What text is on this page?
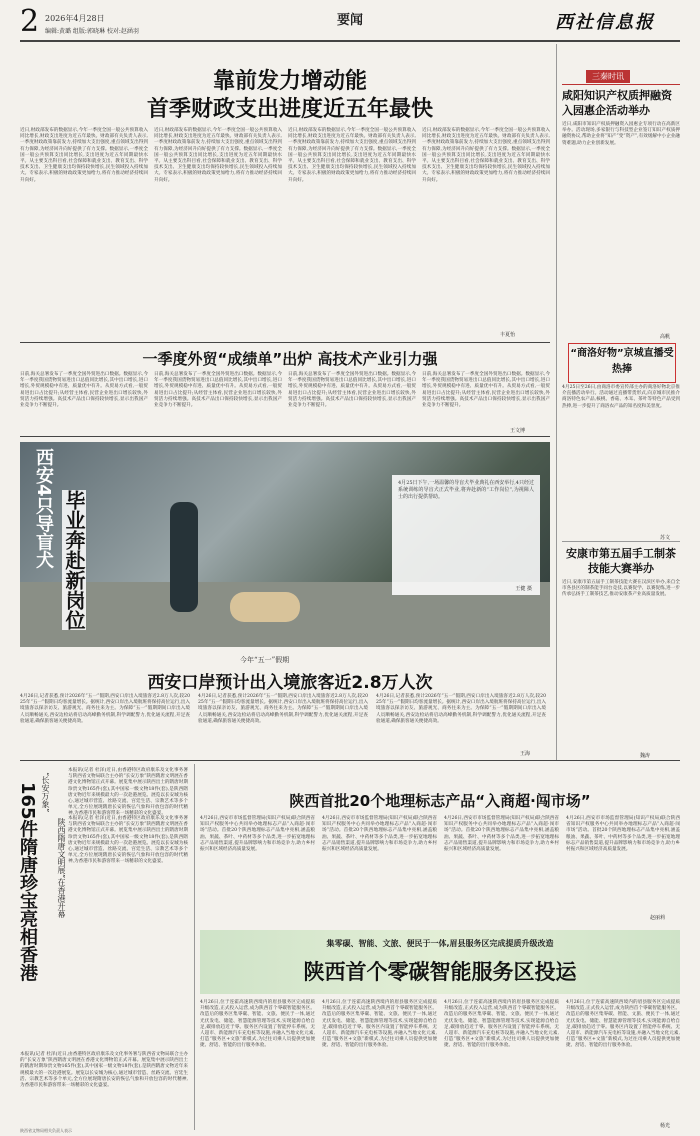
2 2026年4月28日	要闻
编辑:黄璐 组版:郭晓琳 校对:赵涵羽	西社信息报
靠前发力增动能
首季财政支出进度近五年最快
近日,财政部发布的数据显示,今年一季度全国一般公共预算收入同比增长,财政支出进度为近五年最快。财政部有关负责人表示,一季度财政政策靠前发力,持续加大支出强度,重点领域支出得到有力保障,为经济回升向好提供了有力支撑。数据显示,一季度全国一般公共预算支出同比增长,支出进度为近五年同期最快水平。从主要支出科目看,社会保障和就业支出、教育支出、科学技术支出、卫生健康支出均保持较快增长,民生领域投入持续加大。专家表示,积极的财政政策更加给力,将有力推动经济持续回升向好。
近日,财政部发布的数据显示,今年一季度全国一般公共预算收入同比增长,财政支出进度为近五年最快。财政部有关负责人表示,一季度财政政策靠前发力,持续加大支出强度,重点领域支出得到有力保障,为经济回升向好提供了有力支撑。数据显示,一季度全国一般公共预算支出同比增长,支出进度为近五年同期最快水平。从主要支出科目看,社会保障和就业支出、教育支出、科学技术支出、卫生健康支出均保持较快增长,民生领域投入持续加大。专家表示,积极的财政政策更加给力,将有力推动经济持续回升向好。
近日,财政部发布的数据显示,今年一季度全国一般公共预算收入同比增长,财政支出进度为近五年最快。财政部有关负责人表示,一季度财政政策靠前发力,持续加大支出强度,重点领域支出得到有力保障,为经济回升向好提供了有力支撑。数据显示,一季度全国一般公共预算支出同比增长,支出进度为近五年同期最快水平。从主要支出科目看,社会保障和就业支出、教育支出、科学技术支出、卫生健康支出均保持较快增长,民生领域投入持续加大。专家表示,积极的财政政策更加给力,将有力推动经济持续回升向好。
近日,财政部发布的数据显示,今年一季度全国一般公共预算收入同比增长,财政支出进度为近五年最快。财政部有关负责人表示,一季度财政政策靠前发力,持续加大支出强度,重点领域支出得到有力保障,为经济回升向好提供了有力支撑。数据显示,一季度全国一般公共预算支出同比增长,支出进度为近五年同期最快水平。从主要支出科目看,社会保障和就业支出、教育支出、科学技术支出、卫生健康支出均保持较快增长,民生领域投入持续加大。专家表示,积极的财政政策更加给力,将有力推动经济持续回升向好。
丰夏怡
一季度外贸“成绩单”出炉 高技术产业引力强
日前,海关总署发布了一季度全国外贸进出口数据。数据显示,今年一季度我国货物贸易进出口总值同比增长,其中出口增长,进口增长,外贸规模稳中有进、质量优中有升。从贸易方式看,一般贸易进出口占比提升;从经营主体看,民营企业进出口增长较快,外贸活力持续增强。高技术产品出口保持较快增长,显示出我国产业竞争力不断提升。
日前,海关总署发布了一季度全国外贸进出口数据。数据显示,今年一季度我国货物贸易进出口总值同比增长,其中出口增长,进口增长,外贸规模稳中有进、质量优中有升。从贸易方式看,一般贸易进出口占比提升;从经营主体看,民营企业进出口增长较快,外贸活力持续增强。高技术产品出口保持较快增长,显示出我国产业竞争力不断提升。
日前,海关总署发布了一季度全国外贸进出口数据。数据显示,今年一季度我国货物贸易进出口总值同比增长,其中出口增长,进口增长,外贸规模稳中有进、质量优中有升。从贸易方式看,一般贸易进出口占比提升;从经营主体看,民营企业进出口增长较快,外贸活力持续增强。高技术产品出口保持较快增长,显示出我国产业竞争力不断提升。
日前,海关总署发布了一季度全国外贸进出口数据。数据显示,今年一季度我国货物贸易进出口总值同比增长,其中出口增长,进口增长,外贸规模稳中有进、质量优中有升。从贸易方式看,一般贸易进出口占比提升;从经营主体看,民营企业进出口增长较快,外贸活力持续增强。高技术产品出口保持较快增长,显示出我国产业竞争力不断提升。
王文博
西安4只导盲犬 毕业奔赴新岗位
4月25日下午,一场温馨的导盲犬毕业典礼在西安举行,4只经过系统训练的导盲犬正式毕业,将奔赴新的“工作岗位”,为视障人士的出行提供帮助。
王健 摄
今年“五一”假期
西安口岸预计出入境旅客近2.8万人次
4月26日,记者获悉,预计2026年“五一”假期,西安口岸出入境旅客近2.8万人次,较2025年“五一”假期日均客流量增长。据统计,西安口岸出入境航班将保持高位运行,出入境旅客以探亲访友、旅游观光、商务往来为主。为保障“五一”假期期间口岸出入境人员顺畅通关,西安边检站将启动高峰勤务机制,科学调配警力,优化通关流程,开足查验通道,确保旅客通关便捷高效。
4月26日,记者获悉,预计2026年“五一”假期,西安口岸出入境旅客近2.8万人次,较2025年“五一”假期日均客流量增长。据统计,西安口岸出入境航班将保持高位运行,出入境旅客以探亲访友、旅游观光、商务往来为主。为保障“五一”假期期间口岸出入境人员顺畅通关,西安边检站将启动高峰勤务机制,科学调配警力,优化通关流程,开足查验通道,确保旅客通关便捷高效。
4月26日,记者获悉,预计2026年“五一”假期,西安口岸出入境旅客近2.8万人次,较2025年“五一”假期日均客流量增长。据统计,西安口岸出入境航班将保持高位运行,出入境旅客以探亲访友、旅游观光、商务往来为主。为保障“五一”假期期间口岸出入境人员顺畅通关,西安边检站将启动高峰勤务机制,科学调配警力,优化通关流程,开足查验通道,确保旅客通关便捷高效。
王海
三秦时讯
咸阳知识产权质押融资入园惠企活动举办
近日,咸阳市知识产权质押融资入园惠企专项行动在高新区举办。活动现场,多家银行与科技型企业签订知识产权质押融资协议,帮助企业将“知产”变“资产”,有效缓解中小企业融资难题,助力企业创新发展。
高帆
“商洛好物”京城直播受热捧
4月25日至26日,由商洛市委宣传部主办的商洛好物北京推介直播活动举行。活动通过直播带货形式,向京城市民推介商洛特色农产品,核桃、香菇、木耳、茶叶等特色产品受到热捧,进一步提升了商洛农产品的知名度和美誉度。
苏文
安康市第五届手工制茶技能大赛举办
近日,安康市第五届手工制茶技能大赛在汉滨区举办,来自全市各县区的制茶能手同台竞技,以赛促学、以赛促练,进一步传承弘扬手工制茶技艺,推动安康茶产业高质量发展。
魏涛
本报讯(记者 杜泽)近日,由香港特区政府康乐及文化事务署与陕西省文物局联合主办的“长安万象”陕西隋唐文明展在香港文化博物馆正式开幕。展览集中展示陕西出土的隋唐时期珍贵文物165件(套),其中国家一级文物18件(套),是陕西隋唐文物近年来规模最大的一次赴港展览。展览以长安城为核心,通过城市营造、丝路交流、宫廷生活、宗教艺术等多个单元,全方位展现隋唐长安的恢弘气象和开放包容的时代精神,为香港市民和游客带来一场精彩的文化盛宴。
“长安万象”
陕西隋唐文明展”在香港开幕
165件隋唐珍宝亮相香港	本报讯(记者 杜泽)近日,由香港特区政府康乐及文化事务署与陕西省文物局联合主办的“长安万象”陕西隋唐文明展在香港文化博物馆正式开幕。展览集中展示陕西出土的隋唐时期珍贵文物165件(套),其中国家一级文物18件(套),是陕西隋唐文物近年来规模最大的一次赴港展览。展览以长安城为核心,通过城市营造、丝路交流、宫廷生活、宗教艺术等多个单元,全方位展现隋唐长安的恢弘气象和开放包容的时代精神,为香港市民和游客带来一场精彩的文化盛宴。
本报讯(记者 杜泽)近日,由香港特区政府康乐及文化事务署与陕西省文物局联合主办的“长安万象”陕西隋唐文明展在香港文化博物馆正式开幕。展览集中展示陕西出土的隋唐时期珍贵文物165件(套),其中国家一级文物18件(套),是陕西隋唐文物近年来规模最大的一次赴港展览。展览以长安城为核心,通过城市营造、丝路交流、宫廷生活、宗教艺术等多个单元,全方位展现隋唐长安的恢弘气象和开放包容的时代精神,为香港市民和游客带来一场精彩的文化盛宴。
陕西省文物局相关负责人表示
陕西首批20个地理标志产品“入商超·闯市场”
4月26日,西安市市场监督管理局(知识产权局)联合陕西省知识产权服务中心共同举办地理标志产品“入商超·闯市场”活动。首批20个陕西地理标志产品集中亮相,涵盖粮油、果蔬、茶叶、中药材等多个品类,进一步拓宽地理标志产品销售渠道,提升品牌影响力和市场竞争力,助力乡村振兴和区域经济高质量发展。
4月26日,西安市市场监督管理局(知识产权局)联合陕西省知识产权服务中心共同举办地理标志产品“入商超·闯市场”活动。首批20个陕西地理标志产品集中亮相,涵盖粮油、果蔬、茶叶、中药材等多个品类,进一步拓宽地理标志产品销售渠道,提升品牌影响力和市场竞争力,助力乡村振兴和区域经济高质量发展。
4月26日,西安市市场监督管理局(知识产权局)联合陕西省知识产权服务中心共同举办地理标志产品“入商超·闯市场”活动。首批20个陕西地理标志产品集中亮相,涵盖粮油、果蔬、茶叶、中药材等多个品类,进一步拓宽地理标志产品销售渠道,提升品牌影响力和市场竞争力,助力乡村振兴和区域经济高质量发展。
4月26日,西安市市场监督管理局(知识产权局)联合陕西省知识产权服务中心共同举办地理标志产品“入商超·闯市场”活动。首批20个陕西地理标志产品集中亮相,涵盖粮油、果蔬、茶叶、中药材等多个品类,进一步拓宽地理标志产品销售渠道,提升品牌影响力和市场竞争力,助力乡村振兴和区域经济高质量发展。
赵丽莉
集零碳、智能、文旅、便民于一体,眉县服务区完成提质升级改造
陕西首个零碳智能服务区投运
4月26日,位于连霍高速陕西境内的眉县服务区完成提质升级改造,正式投入运营,成为陕西首个零碳智能服务区。改造后的服务区集零碳、智能、文旅、便民于一体,通过光伏发电、储能、智慧能源管理等技术,实现能源自给自足,碳排放趋近于零。服务区内设置了智能停车系统、无人超市、新能源汽车充电桩等设施,并融入当地文化元素,打造“服务区+文旅”新模式,为过往司乘人员提供更加便捷、舒适、智能的出行服务体验。
4月26日,位于连霍高速陕西境内的眉县服务区完成提质升级改造,正式投入运营,成为陕西首个零碳智能服务区。改造后的服务区集零碳、智能、文旅、便民于一体,通过光伏发电、储能、智慧能源管理等技术,实现能源自给自足,碳排放趋近于零。服务区内设置了智能停车系统、无人超市、新能源汽车充电桩等设施,并融入当地文化元素,打造“服务区+文旅”新模式,为过往司乘人员提供更加便捷、舒适、智能的出行服务体验。
4月26日,位于连霍高速陕西境内的眉县服务区完成提质升级改造,正式投入运营,成为陕西首个零碳智能服务区。改造后的服务区集零碳、智能、文旅、便民于一体,通过光伏发电、储能、智慧能源管理等技术,实现能源自给自足,碳排放趋近于零。服务区内设置了智能停车系统、无人超市、新能源汽车充电桩等设施,并融入当地文化元素,打造“服务区+文旅”新模式,为过往司乘人员提供更加便捷、舒适、智能的出行服务体验。
4月26日,位于连霍高速陕西境内的眉县服务区完成提质升级改造,正式投入运营,成为陕西首个零碳智能服务区。改造后的服务区集零碳、智能、文旅、便民于一体,通过光伏发电、储能、智慧能源管理等技术,实现能源自给自足,碳排放趋近于零。服务区内设置了智能停车系统、无人超市、新能源汽车充电桩等设施,并融入当地文化元素,打造“服务区+文旅”新模式,为过往司乘人员提供更加便捷、舒适、智能的出行服务体验。
杨光
